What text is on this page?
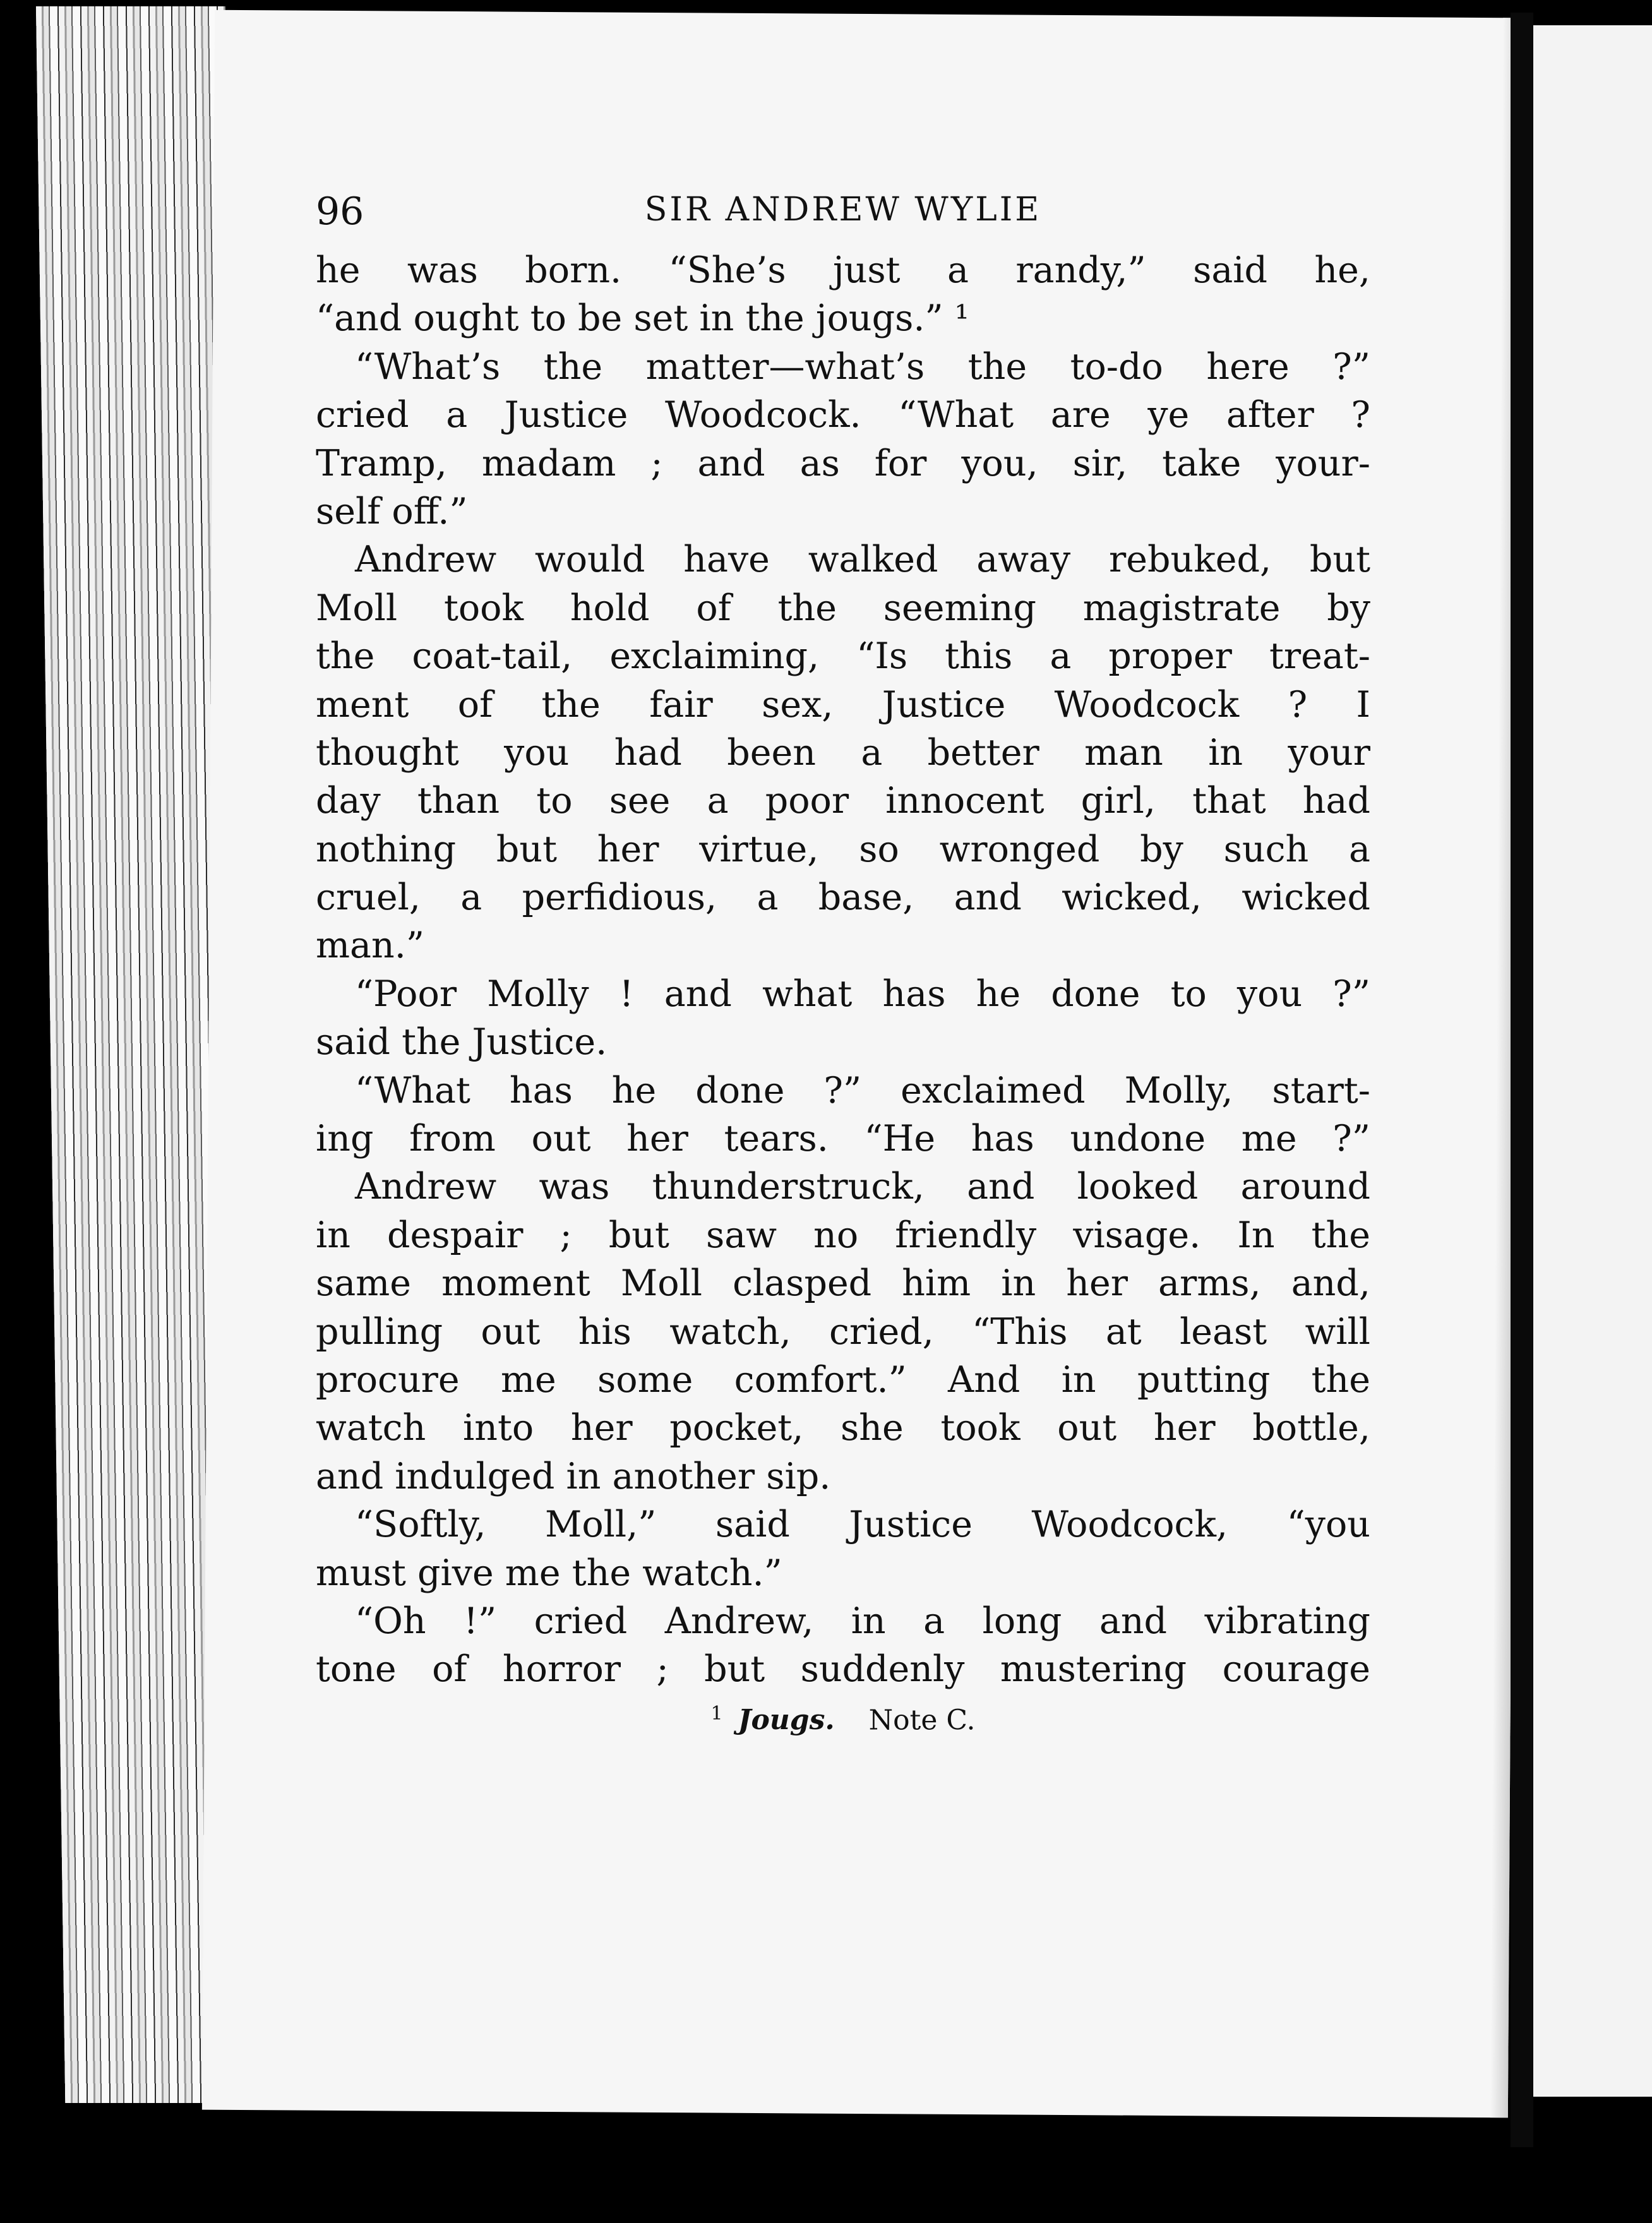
96	SIR ANDREW WYLIE
he was born. “She’s just a randy,” said he,
“and ought to be set in the jougs.” ¹
“What’s the matter—what’s the to-do here ?”
cried a Justice Woodcock. “What are ye after ?
Tramp, madam ; and as for you, sir, take your-
self off.”
Andrew would have walked away rebuked, but
Moll took hold of the seeming magistrate by
the coat-tail, exclaiming, “Is this a proper treat-
ment of the fair sex, Justice Woodcock ? I
thought you had been a better man in your
day than to see a poor innocent girl, that had
nothing but her virtue, so wronged by such a
cruel, a perfidious, a base, and wicked, wicked
man.”
“Poor Molly ! and what has he done to you ?”
said the Justice.
“What has he done ?” exclaimed Molly, start-
ing from out her tears. “He has undone me ?”
Andrew was thunderstruck, and looked around
in despair ; but saw no friendly visage. In the
same moment Moll clasped him in her arms, and,
pulling out his watch, cried, “This at least will
procure me some comfort.” And in putting the
watch into her pocket, she took out her bottle,
and indulged in another sip.
“Softly, Moll,” said Justice Woodcock, “you
must give me the watch.”
“Oh !” cried Andrew, in a long and vibrating
tone of horror ; but suddenly mustering courage
$^1$ Jougs. Note C.
